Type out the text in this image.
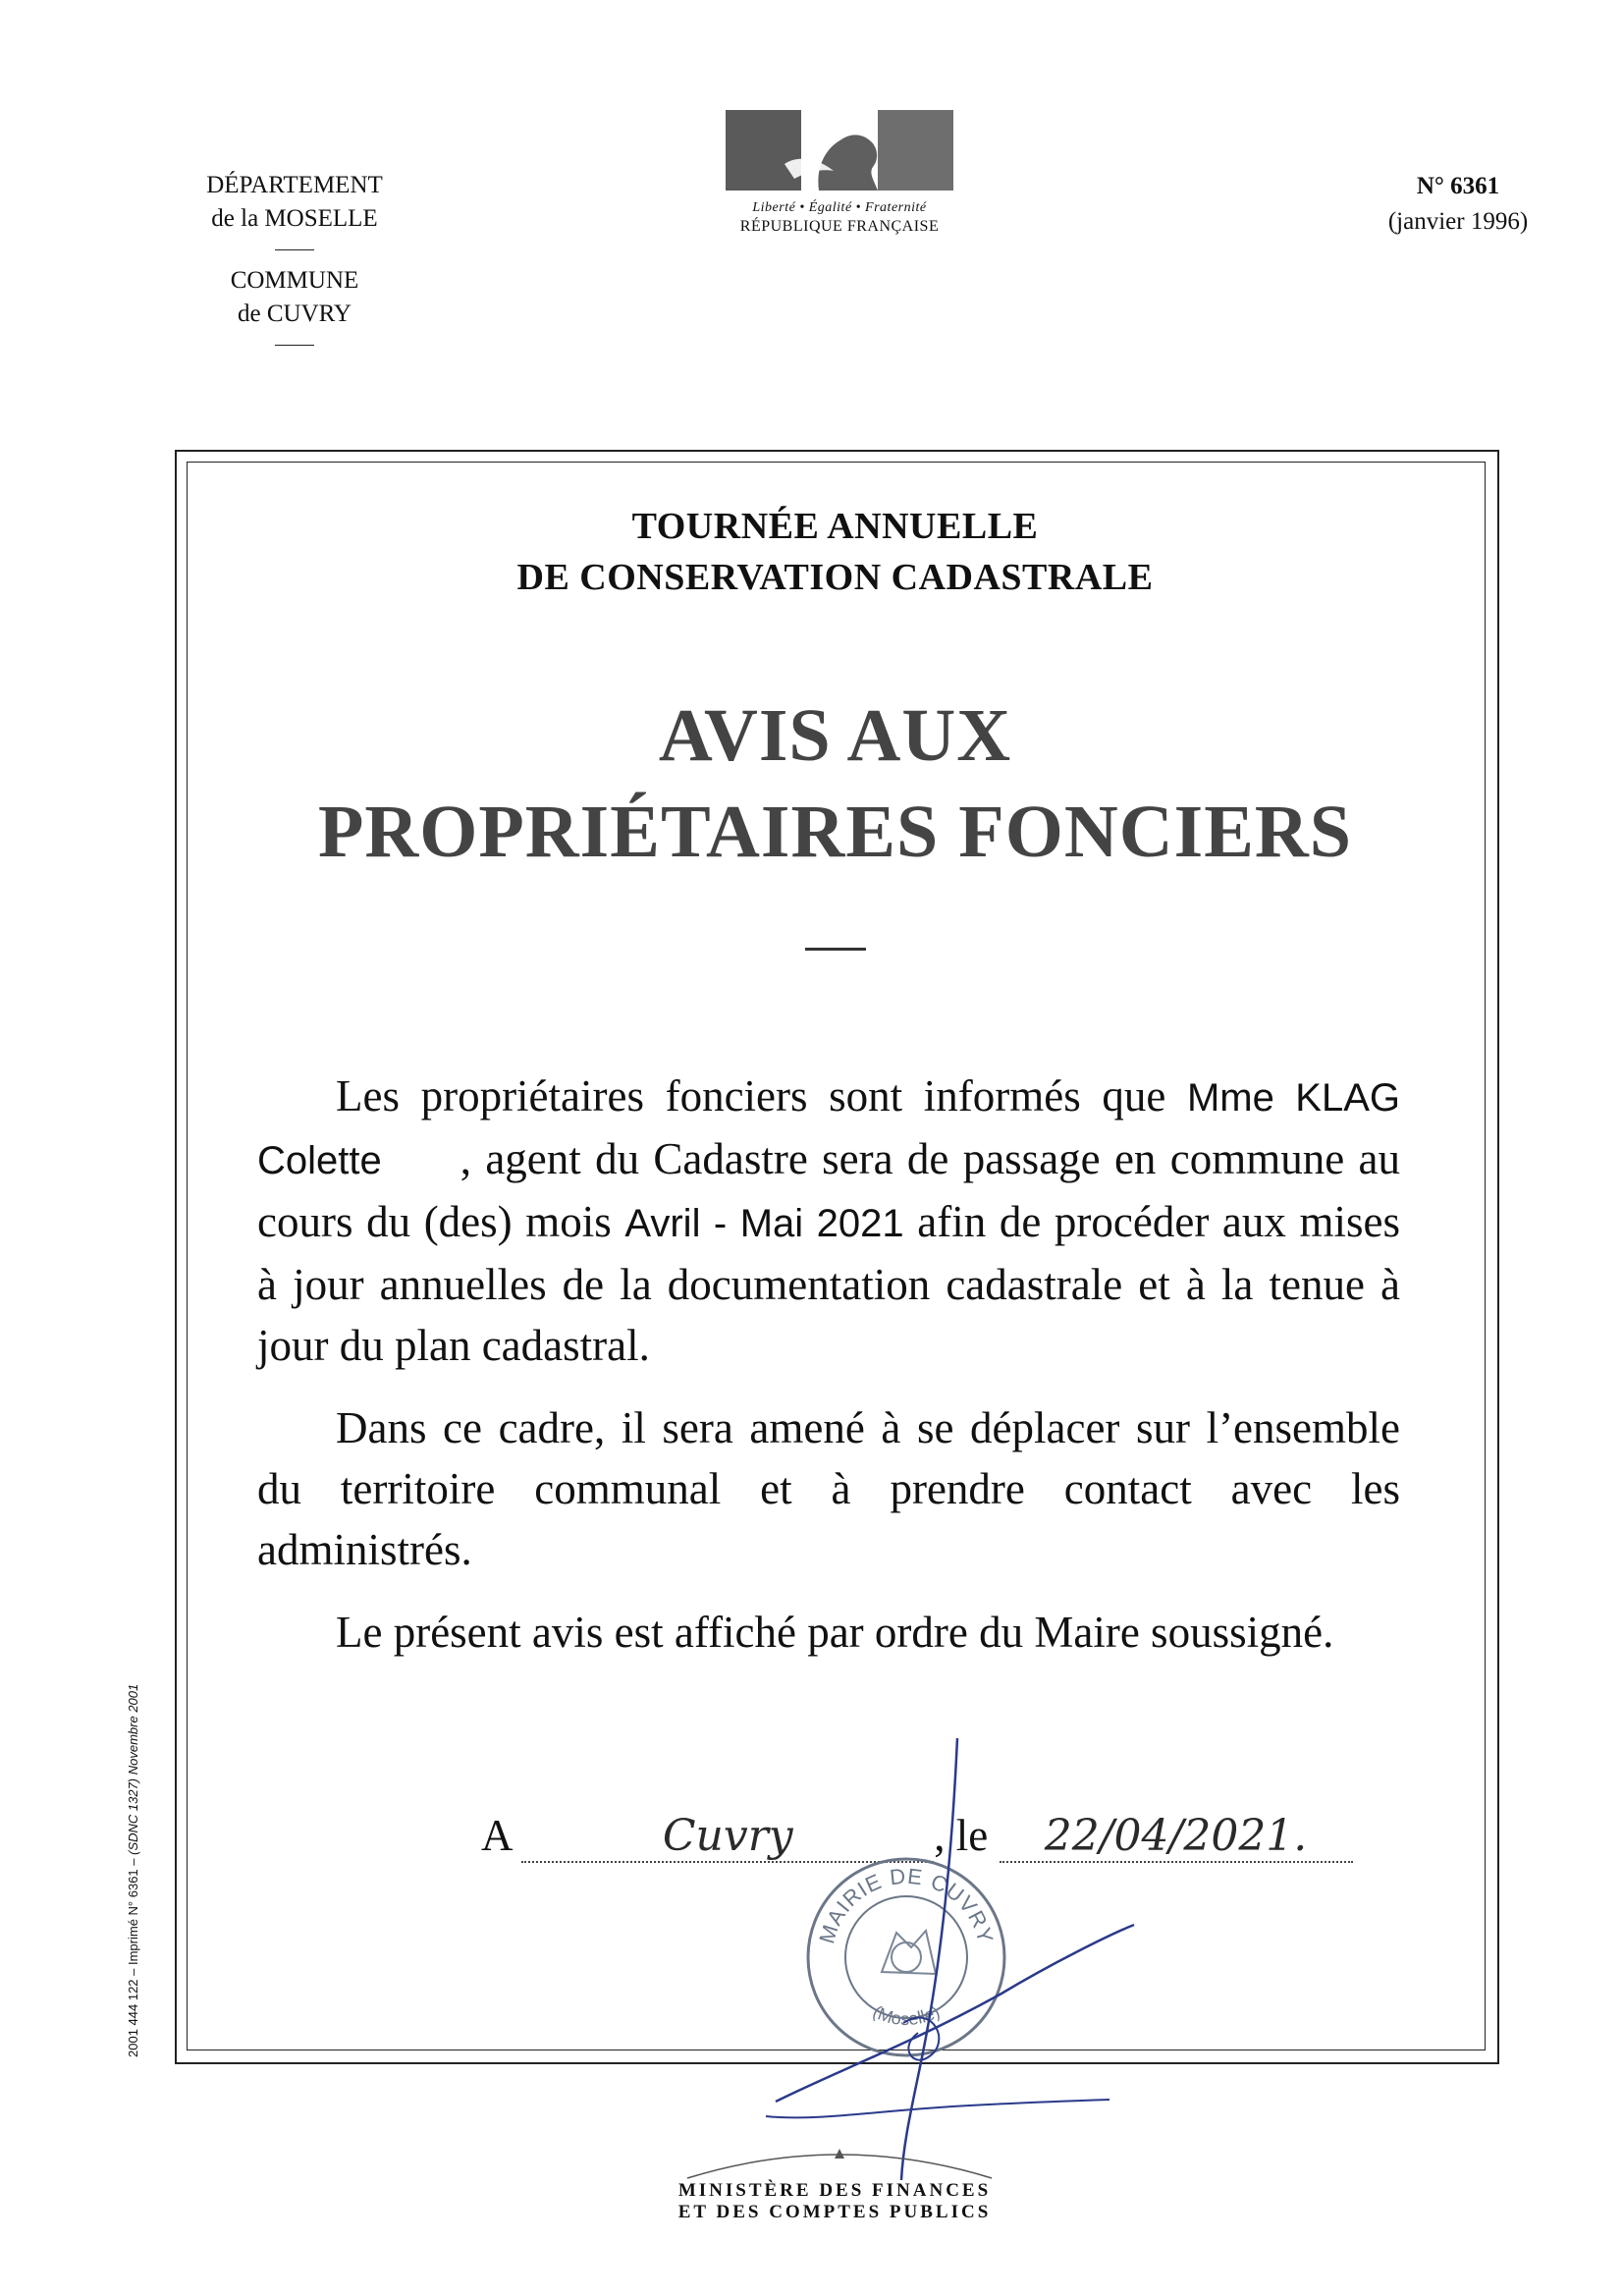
DÉPARTEMENT
de la MOSELLE
COMMUNE
de CUVRY
Liberté • Égalité • Fraternité
RÉPUBLIQUE FRANÇAISE
N° 6361
(janvier 1996)
TOURNÉE ANNUELLE
DE CONSERVATION CADASTRALE
AVIS AUX
PROPRIÉTAIRES FONCIERS

Les propriétaires fonciers sont informés que Mme KLAG Colette , agent du Cadastre sera de passage en commune au cours du (des) mois Avril - Mai 2021 afin de procéder aux mises à jour annuelles de la documentation cadastrale et à la tenue à jour du plan cadastral.

Dans ce cadre, il sera amené à se déplacer sur l’ensemble du territoire communal et à prendre contact avec les administrés.

Le présent avis est affiché par ordre du Maire soussigné.

A	Cuvry	, le 22/04/2021.
MAIRIE DE CUVRY
(Moselle)
2001 444 122 – Imprimé N° 6361 – (SDNC 1327) Novembre 2001
MINISTÈRE DES FINANCES
ET DES COMPTES PUBLICS
